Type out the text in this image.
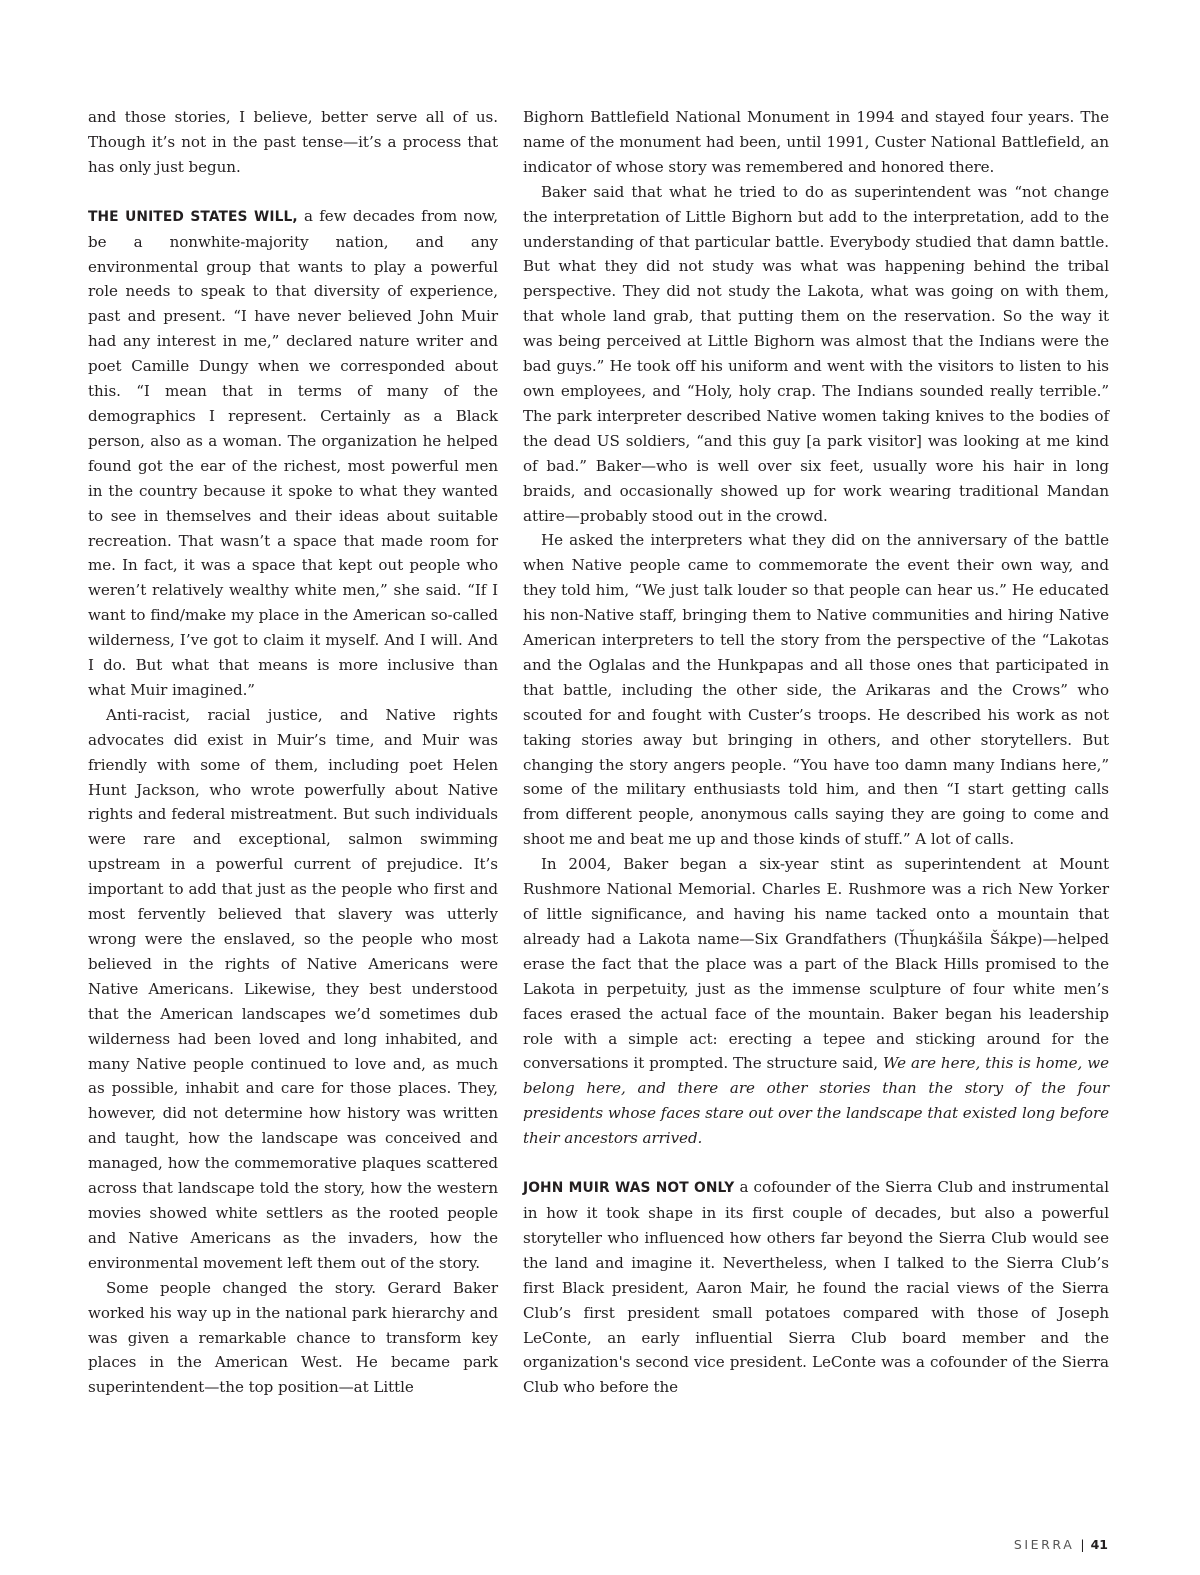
and those stories, I believe, better serve all of us. Though it’s not in the past tense—it’s a process that has only just begun.

THE UNITED STATES WILL, a few decades from now, be a nonwhite-majority nation, and any environmental group that wants to play a powerful role needs to speak to that diversity of experience, past and present. “I have never believed John Muir had any interest in me,” declared nature writer and poet Camille Dungy when we corresponded about this. “I mean that in terms of many of the demographics I represent. Certainly as a Black person, also as a woman. The organization he helped found got the ear of the richest, most powerful men in the country because it spoke to what they wanted to see in themselves and their ideas about suitable recreation. That wasn’t a space that made room for me. In fact, it was a space that kept out people who weren’t relatively wealthy white men,” she said. “If I want to find/make my place in the American so-called wilderness, I’ve got to claim it myself. And I will. And I do. But what that means is more inclusive than what Muir imagined.”

Anti-racist, racial justice, and Native rights advocates did exist in Muir’s time, and Muir was friendly with some of them, including poet Helen Hunt Jackson, who wrote powerfully about Native rights and federal mistreatment. But such individuals were rare and exceptional, salmon swimming upstream in a powerful current of prejudice. It’s important to add that just as the people who first and most fervently believed that slavery was utterly wrong were the enslaved, so the people who most believed in the rights of Native Americans were Native Americans. Likewise, they best understood that the American landscapes we’d sometimes dub wilderness had been loved and long inhabited, and many Native people continued to love and, as much as possible, inhabit and care for those places. They, however, did not determine how history was written and taught, how the landscape was conceived and managed, how the commemorative plaques scattered across that landscape told the story, how the western movies showed white settlers as the rooted people and Native Americans as the invaders, how the environmental movement left them out of the story.

Some people changed the story. Gerard Baker worked his way up in the national park hierarchy and was given a remarkable chance to transform key places in the American West. He became park superintendent—the top position—at Little

Bighorn Battlefield National Monument in 1994 and stayed four years. The name of the monument had been, until 1991, Custer National Battlefield, an indicator of whose story was remembered and honored there.

Baker said that what he tried to do as superintendent was “not change the interpretation of Little Bighorn but add to the interpretation, add to the understanding of that particular battle. Everybody studied that damn battle. But what they did not study was what was happening behind the tribal perspective. They did not study the Lakota, what was going on with them, that whole land grab, that putting them on the reservation. So the way it was being perceived at Little Bighorn was almost that the Indians were the bad guys.” He took off his uniform and went with the visitors to listen to his own employees, and “Holy, holy crap. The Indians sounded really terrible.” The park interpreter described Native women taking knives to the bodies of the dead US soldiers, “and this guy [a park visitor] was looking at me kind of bad.” Baker—who is well over six feet, usually wore his hair in long braids, and occasionally showed up for work wearing traditional Mandan attire—probably stood out in the crowd.

He asked the interpreters what they did on the anniversary of the battle when Native people came to commemorate the event their own way, and they told him, “We just talk louder so that people can hear us.” He educated his non-Native staff, bringing them to Native communities and hiring Native American interpreters to tell the story from the perspective of the “Lakotas and the Oglalas and the Hunkpapas and all those ones that participated in that battle, including the other side, the Arikaras and the Crows” who scouted for and fought with Custer’s troops. He described his work as not taking stories away but bringing in others, and other storytellers. But changing the story angers people. “You have too damn many Indians here,” some of the military enthusiasts told him, and then “I start getting calls from different people, anonymous calls saying they are going to come and shoot me and beat me up and those kinds of stuff.” A lot of calls.

In 2004, Baker began a six-year stint as superintendent at Mount Rushmore National Memorial. Charles E. Rushmore was a rich New Yorker of little significance, and having his name tacked onto a mountain that already had a Lakota name—Six Grandfathers (Tȟuŋkášila Šákpe)—helped erase the fact that the place was a part of the Black Hills promised to the Lakota in perpetuity, just as the immense sculpture of four white men’s faces erased the actual face of the mountain. Baker began his leadership role with a simple act: erecting a tepee and sticking around for the conversations it prompted. The structure said, We are here, this is home, we belong here, and there are other stories than the story of the four presidents whose faces stare out over the landscape that existed long before their ancestors arrived.

JOHN MUIR WAS NOT ONLY a cofounder of the Sierra Club and instrumental in how it took shape in its first couple of decades, but also a powerful storyteller who influenced how others far beyond the Sierra Club would see the land and imagine it. Nevertheless, when I talked to the Sierra Club’s first Black president, Aaron Mair, he found the racial views of the Sierra Club’s first president small potatoes compared with those of Joseph LeConte, an early influential Sierra Club board member and the organization's second vice president. LeConte was a cofounder of the Sierra Club who before the

SIERRA | 41
